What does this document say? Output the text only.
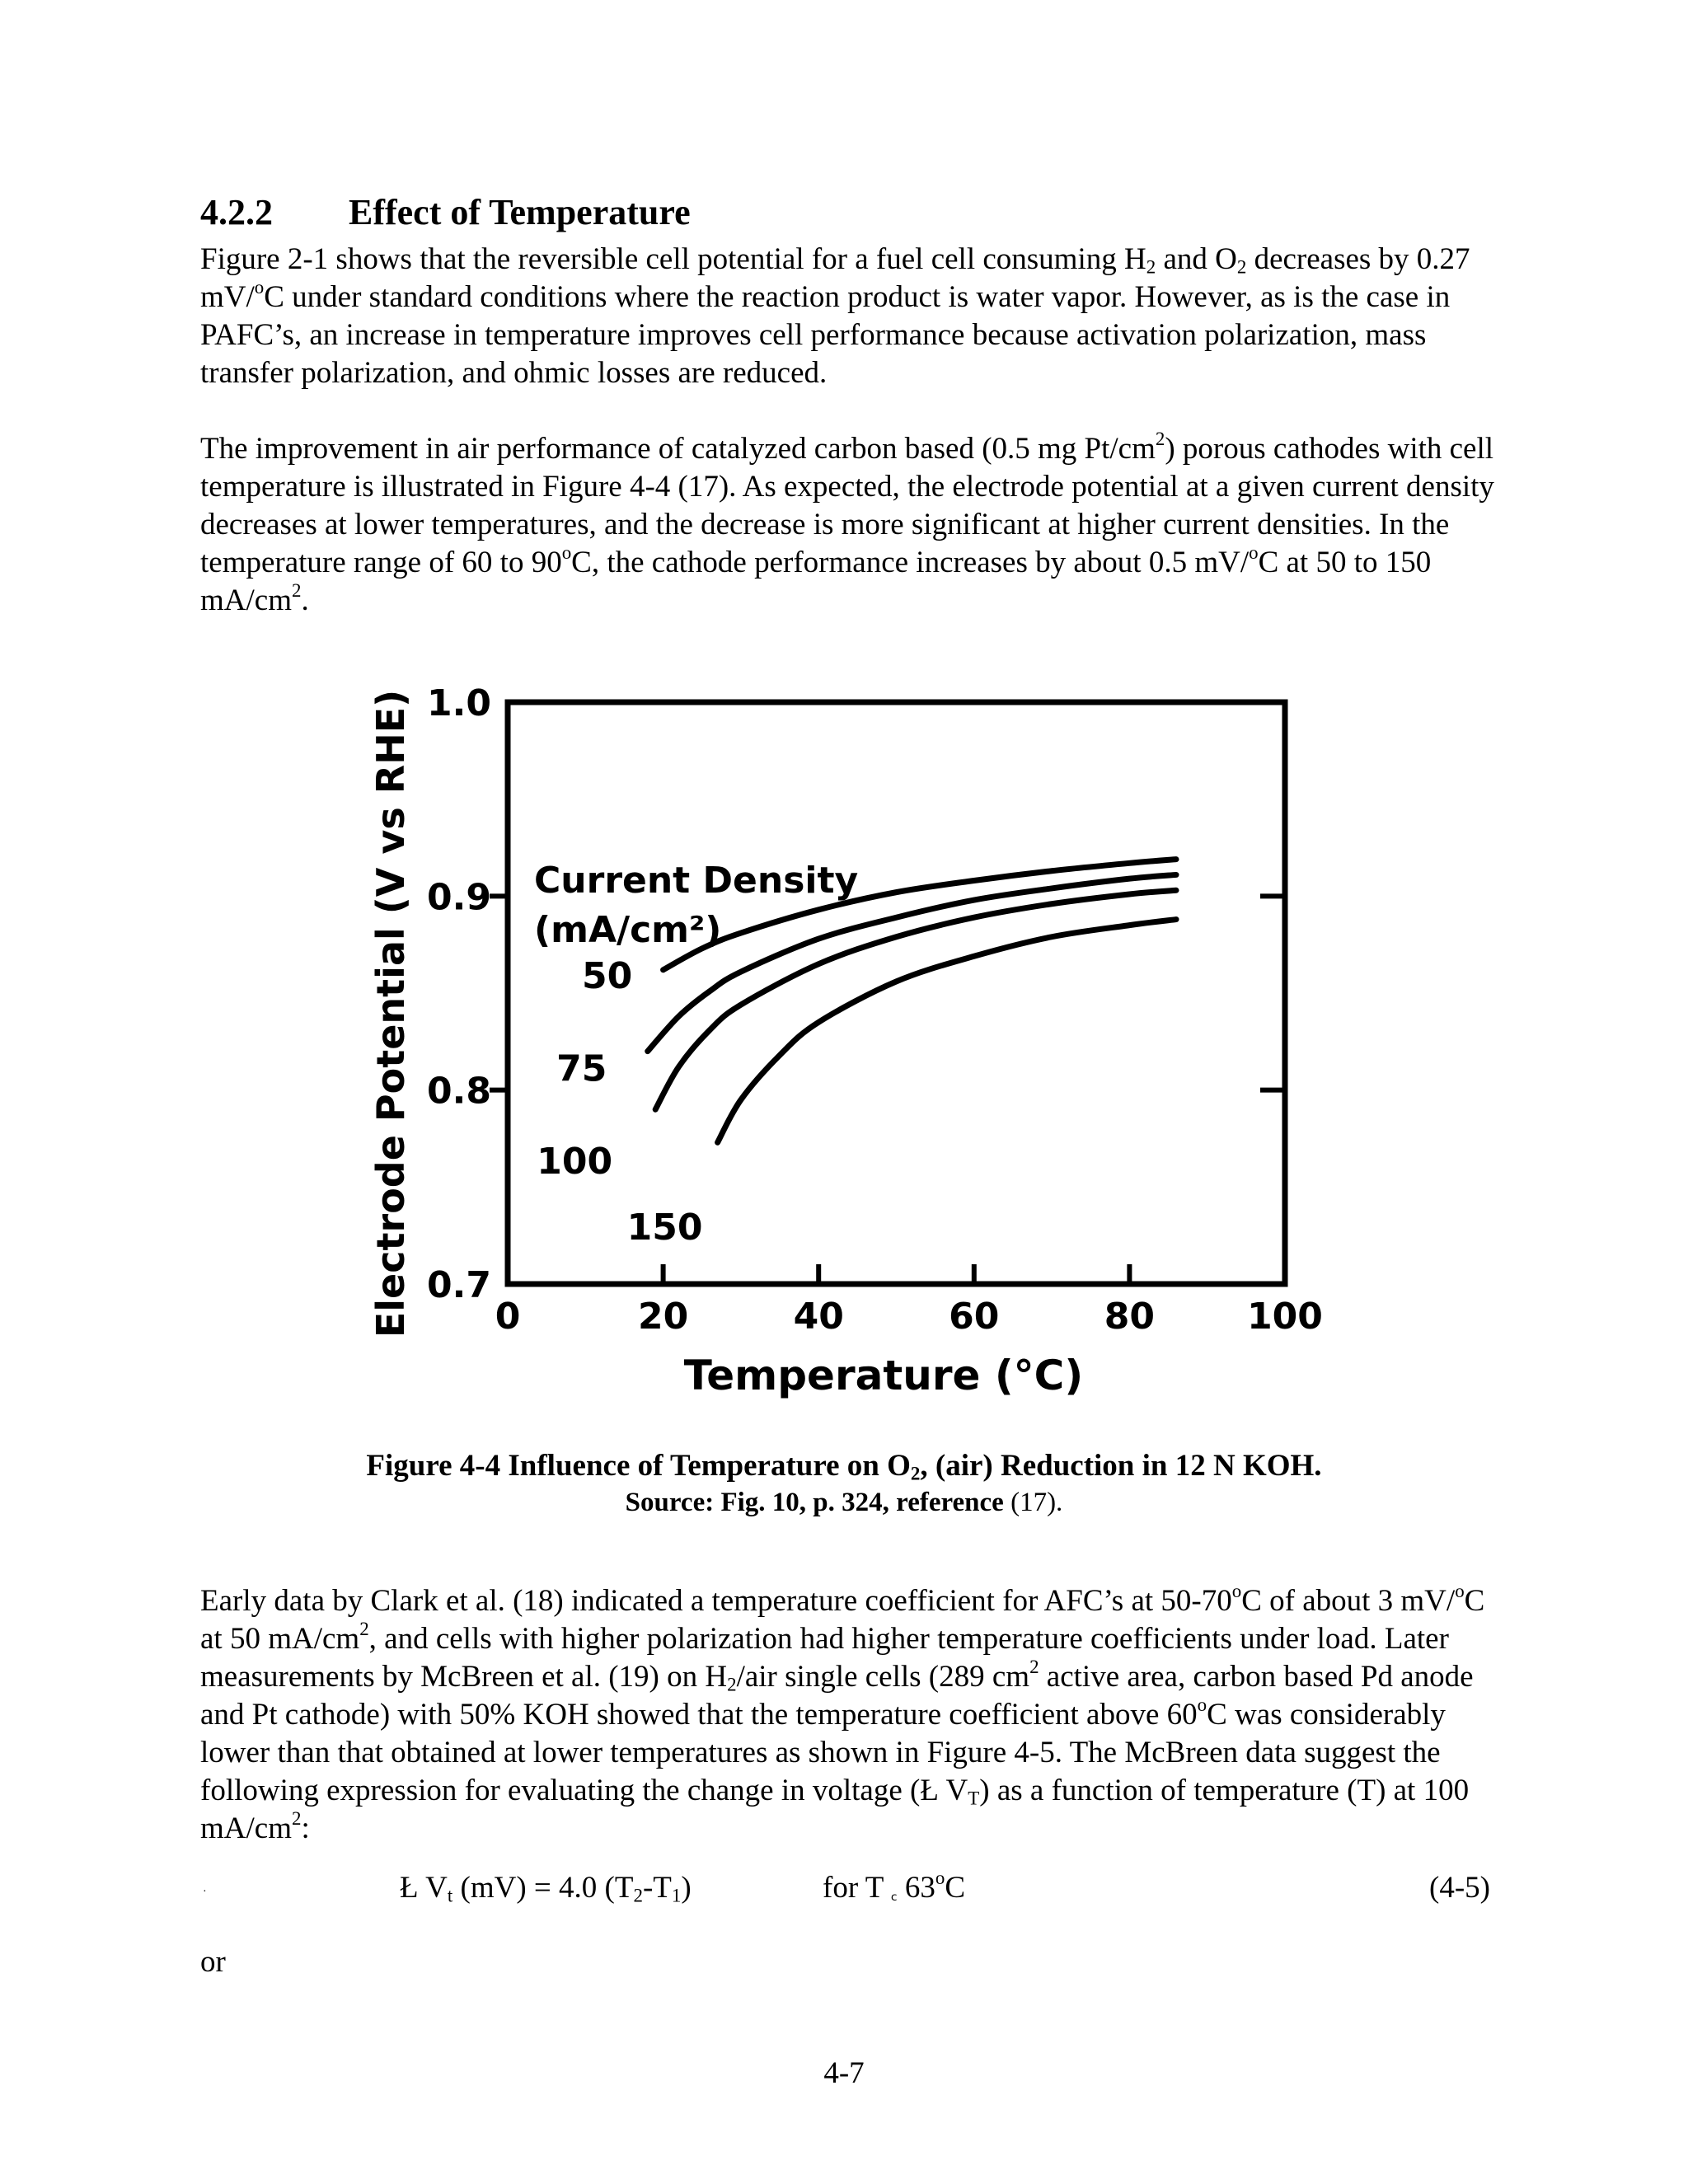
4.2.2 Effect of Temperature

Figure 2-1 shows that the reversible cell potential for a fuel cell consuming $H_2$ and $O_2$ decreases by 0.27 mV/$^o$C under standard conditions where the reaction product is water vapor. However, as is the case in PAFC’s, an increase in temperature improves cell performance because activation polarization, mass transfer polarization, and ohmic losses are reduced.

The improvement in air performance of catalyzed carbon based (0.5 mg $Pt/cm^2$) porous cathodes with cell temperature is illustrated in Figure 4-4 (17). As expected, the electrode potential at a given current density decreases at lower temperatures, and the decrease is more significant at higher current densities. In the temperature range of 60 to 90$^o$C, the cathode performance increases by about 0.5 mV/$^o$C at 50 to 150 $mA/cm^2$.

0	20	40	60	80	100
0.7
0.8
0.9
1.0
Temperature (°C)
Electrode Potential (V vs RHE)	Current Density
(mA/cm²)
50
75
100
150
Figure 4-4 Influence of Temperature on $O_2$, (air) Reduction in 12 N KOH.
Source: Fig. 10, p. 324, reference (17).

Early data by Clark et al. (18) indicated a temperature coefficient for AFC’s at 50-70$^o$C of about 3 mV/$^o$C at 50 $mA/cm^2$, and cells with higher polarization had higher temperature coefficients under load. Later measurements by McBreen et al. (19) on $H_2$/air single cells (289 $cm^2$ active area, carbon based Pd anode and Pt cathode) with 50% KOH showed that the temperature coefficient above 60$^o$C was considerably lower than that obtained at lower temperatures as shown in Figure 4-5. The McBreen data suggest the following expression for evaluating the change in voltage (Ł $V_T$) as a function of temperature (T) at 100 $mA/cm^2$:

·	Ł $V_t$ (mV) = 4.0 $(T_2-T_1)$	for T ⅽ 63$^o$C	(4-5)
or
4-7
